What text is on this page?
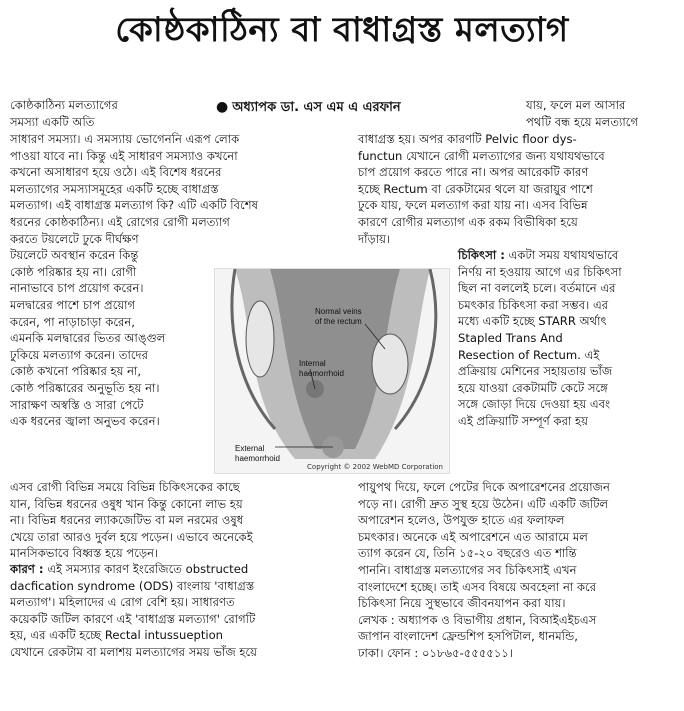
কোষ্ঠকাঠিন্য বা বাধাগ্রস্ত মলত্যাগ

কোষ্ঠকাঠিন্য মলত্যাগের
সমস্যা একটি অতি

● অধ্যাপক ডা. এস এম এ এরফান	যায়, ফলে মল আসার
পথটি বন্ধ হয়ে মলত্যাগে

সাধারণ সমস্যা। এ সমস্যায় ভোগেননি এরূপ লোক
পাওয়া যাবে না। কিন্তু এই সাধারণ সমস্যাও কখনো
কখনো অসাধারণ হয়ে ওঠে। এই বিশেষ ধরনের
মলত্যাগের সমস্যাসমূহের একটি হচ্ছে বাধাগ্রস্ত
মলত্যাগ। এই বাধাগ্রস্ত মলত্যাগ কি? এটি একটি বিশেষ
ধরনের কোষ্ঠকাঠিন্য। এই রোগের রোগী মলত্যাগ
করতে টয়লেটে ঢুকে দীর্ঘক্ষণ
টয়লেটে অবস্থান করেন কিন্তু
কোষ্ঠ পরিষ্কার হয় না। রোগী
নানাভাবে চাপ প্রয়োগ করেন।
মলদ্বারের পাশে চাপ প্রয়োগ
করেন, পা নাড়াচাড়া করেন,
এমনকি মলদ্বারের ভিতর আঙ্গুল
ঢুকিয়ে মলত্যাগ করেন। তাদের
কোষ্ঠ কখনো পরিষ্কার হয় না,
কোষ্ঠ পরিষ্কারের অনুভূতি হয় না।
সারাক্ষণ অস্বস্তি ও সারা পেটে
এক ধরনের জ্বালা অনুভব করেন।

বাধাগ্রস্ত হয়। অপর কারণটি Pelvic floor dys-
functun যেখানে রোগী মলত্যাগের জন্য যথাযথভাবে
চাপ প্রয়োগ করতে পারে না। অপর আরেকটি কারণ
হচ্ছে Rectum বা রেকটামের থলে যা জরায়ুর পাশে
ঢুকে যায়, ফলে মলত্যাগ করা যায় না। এসব বিভিন্ন
কারণে রোগীর মলত্যাগ এক রকম বিভীষিকা হয়ে
দাঁড়ায়।

চিকিৎসা : একটা সময় যথাযথভাবে
নির্ণয় না হওয়ায় আগে এর চিকিৎসা
ছিল না বললেই চলে। বর্তমানে এর
চমৎকার চিকিৎসা করা সম্ভব। এর
মধ্যে একটি হচ্ছে STARR অর্থাৎ
Stapled Trans And
Resection of Rectum. এই
প্রক্রিয়ায় মেশিনের সহায়তায় ভাঁজ
হয়ে যাওয়া রেকটামটি কেটে সঙ্গে
সঙ্গে জোড়া দিয়ে দেওয়া হয় এবং
এই প্রক্রিয়াটি সম্পূর্ণ করা হয়

Normal veins
of the rectum
Internal
haemorrhoid
External
haemorrhoid
Copyright © 2002 WebMD Corporation

এসব রোগী বিভিন্ন সময়ে বিভিন্ন চিকিৎসকের কাছে
যান, বিভিন্ন ধরনের ওষুধ খান কিন্তু কোনো লাভ হয়
না। বিভিন্ন ধরনের ল্যাকজেটিভ বা মল নরমের ওষুধ
খেয়ে তারা আরও দুর্বল হয়ে পড়েন। এভাবে অনেকেই
মানসিকভাবে বিধ্বস্ত হয়ে পড়েন।

কারণ : এই সমস্যার কারণ ইংরেজিতে obstructed
dacfication syndrome (ODS) বাংলায় 'বাধাগ্রস্ত
মলত্যাগ'। মহিলাদের এ রোগ বেশি হয়। সাধারণত
কয়েকটি জটিল কারণে এই 'বাধাগ্রস্ত মলত্যাগ' রোগটি
হয়, এর একটি হচ্ছে Rectal intussueption
যেখানে রেকটাম বা মলাশয় মলত্যাগের সময় ভাঁজ হয়ে

পায়ুপথ দিয়ে, ফলে পেটের দিকে অপারেশনের প্রয়োজন
পড়ে না। রোগী দ্রুত সুস্থ হয়ে উঠেন। এটি একটি জটিল
অপারেশন হলেও, উপযুক্ত হাতে এর ফলাফল
চমৎকার। অনেকে এই অপারেশনে এত আরামে মল
ত্যাগ করেন যে, তিনি ১৫-২০ বছরেও এত শান্তি
পাননি। বাধাগ্রস্ত মলত্যাগের সব চিকিৎসাই এখন
বাংলাদেশে হচ্ছে। তাই এসব বিষয়ে অবহেলা না করে
চিকিৎসা নিয়ে সুস্থভাবে জীবনযাপন করা যায়।
লেখক : অধ্যাপক ও বিভাগীয় প্রধান, বিআইএইচএস
জাপান বাংলাদেশ ফ্রেন্ডশিপ হসপিটাল, ধানমন্ডি,
ঢাকা। ফোন : ০১৮৬৫-৫৫৫৫১১।
